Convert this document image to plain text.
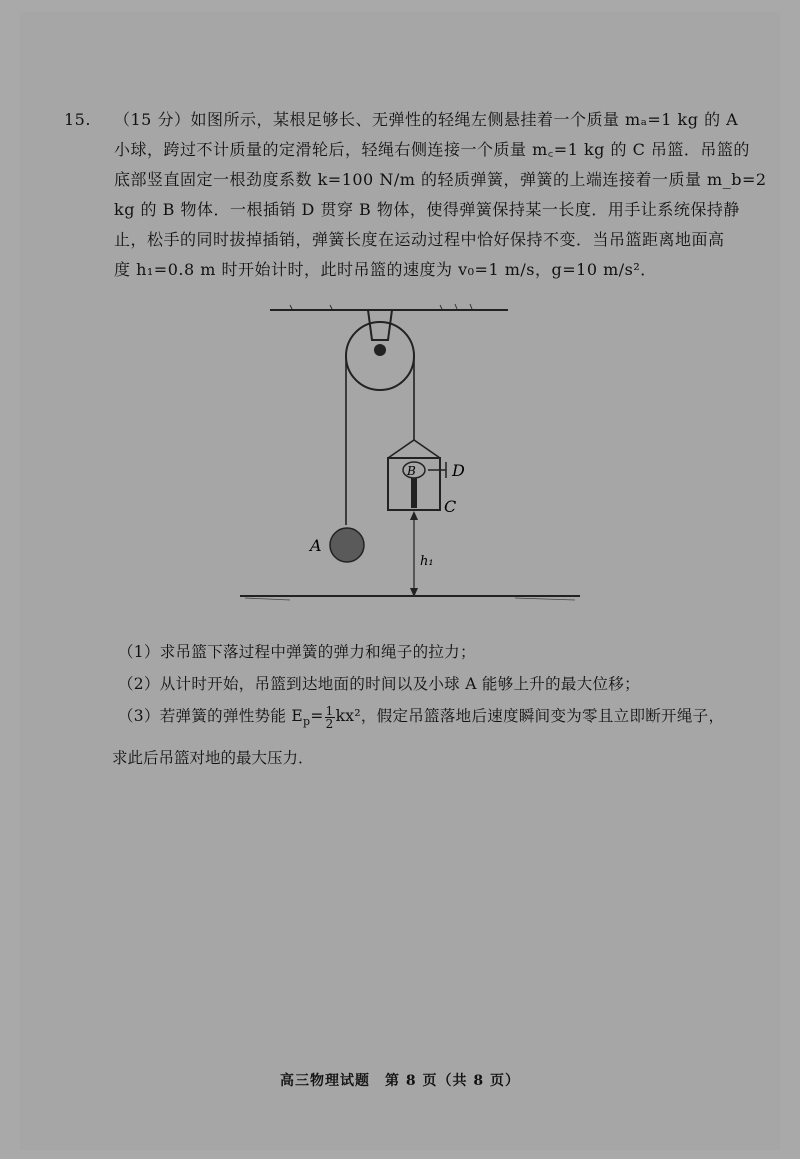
15. （15 分）如图所示，某根足够长、无弹性的轻绳左侧悬挂着一个质量 mₐ=1 kg 的 A
小球，跨过不计质量的定滑轮后，轻绳右侧连接一个质量 m꜀=1 kg 的 C 吊篮．吊篮的
底部竖直固定一根劲度系数 k=100 N/m 的轻质弹簧，弹簧的上端连接着一质量 m_b=2
kg 的 B 物体．一根插销 D 贯穿 B 物体，使得弹簧保持某一长度．用手让系统保持静
止，松手的同时拔掉插销，弹簧长度在运动过程中恰好保持不变．当吊篮距离地面高
度 h₁=0.8 m 时开始计时，此时吊篮的速度为 v₀=1 m/s，g=10 m/s²．
A
B D
C
h₁
（1）求吊篮下落过程中弹簧的弹力和绳子的拉力；
（2）从计时开始，吊篮到达地面的时间以及小球 A 能够上升的最大位移；
（3）若弹簧的弹性势能 $E_p= \frac{1}{2} kx^2$，假定吊篮落地后速度瞬间变为零且立即断开绳子，
求此后吊篮对地的最大压力．
高三物理试题　第 8 页（共 8 页）
